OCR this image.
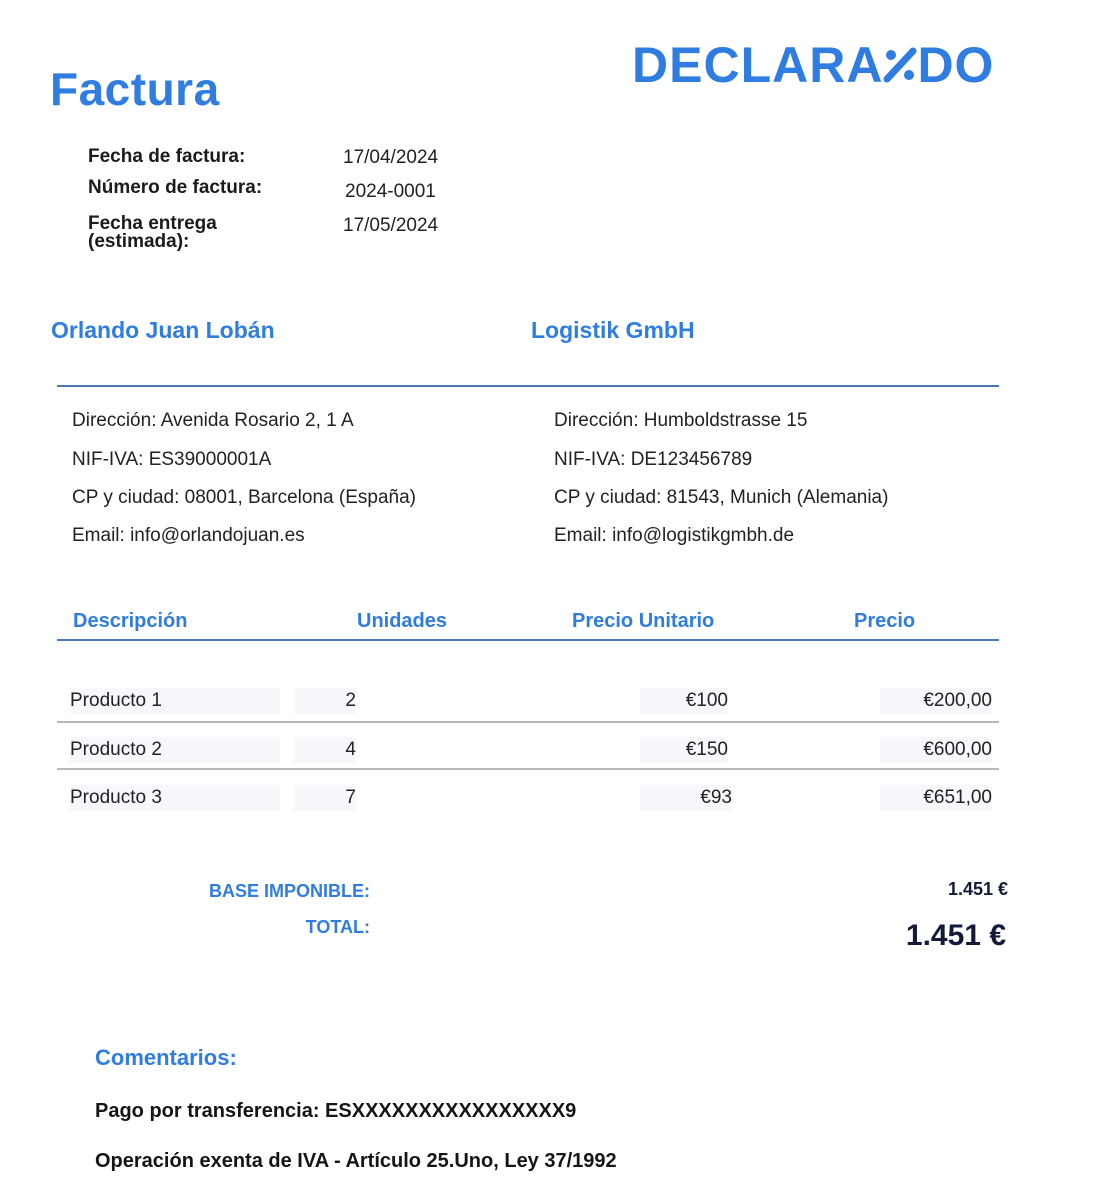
Factura	DECLARA DO
Fecha de factura:	17/04/2024
Número de factura:	2024-0001
Fecha entrega
(estimada):
17/05/2024
Orlando Juan Lobán	Logistik GmbH
Dirección: Avenida Rosario 2, 1 A
NIF-IVA: ES39000001A
CP y ciudad: 08001, Barcelona (España)
Email: info@orlandojuan.es
Dirección: Humboldstrasse 15
NIF-IVA: DE123456789
CP y ciudad: 81543, Munich (Alemania)
Email: info@logistikgmbh.de
Descripción	Unidades	Precio Unitario	Precio
Producto 1	2	€100	€200,00
Producto 2	4	€150	€600,00
Producto 3	7	€93	€651,00
BASE IMPONIBLE:	1.451 €
TOTAL:	1.451 €
Comentarios:
Pago por transferencia: ESXXXXXXXXXXXXXXXX9
Operación exenta de IVA - Artículo 25.Uno, Ley 37/1992
